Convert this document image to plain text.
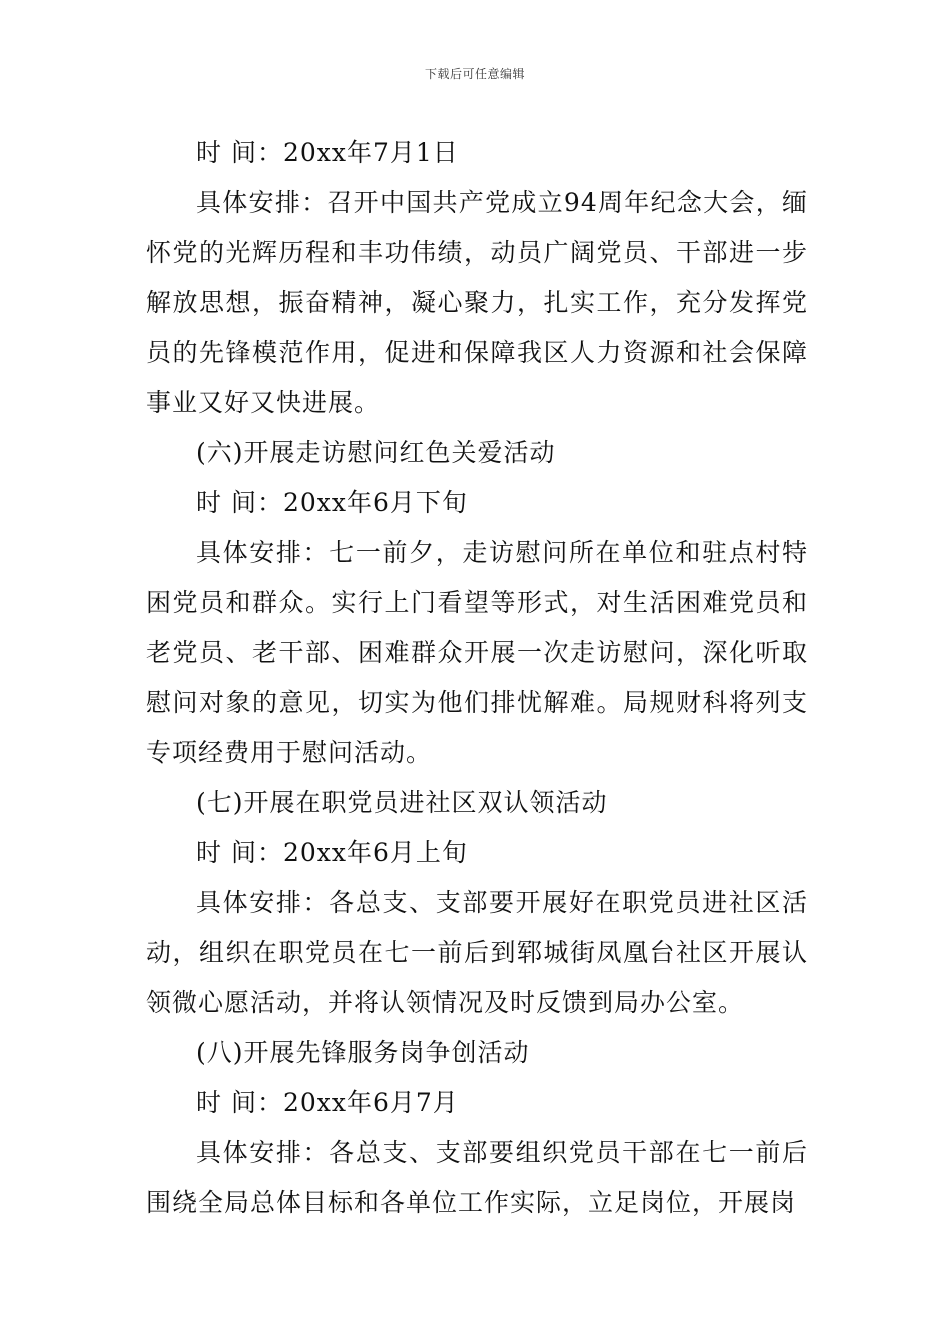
下载后可任意编辑

时 间：20xx年7月1日

具体安排：召开中国共产党成立94周年纪念大会，缅怀党的光辉历程和丰功伟绩，动员广阔党员、干部进一步解放思想，振奋精神，凝心聚力，扎实工作，充分发挥党员的先锋模范作用，促进和保障我区人力资源和社会保障事业又好又快进展。

(六)开展走访慰问红色关爱活动

时 间：20xx年6月下旬

具体安排：七一前夕，走访慰问所在单位和驻点村特困党员和群众。实行上门看望等形式，对生活困难党员和老党员、老干部、困难群众开展一次走访慰问，深化听取慰问对象的意见，切实为他们排忧解难。局规财科将列支专项经费用于慰问活动。

(七)开展在职党员进社区双认领活动

时 间：20xx年6月上旬

具体安排：各总支、支部要开展好在职党员进社区活动，组织在职党员在七一前后到郓城街凤凰台社区开展认领微心愿活动，并将认领情况及时反馈到局办公室。

(八)开展先锋服务岗争创活动

时 间：20xx年6月7月

具体安排：各总支、支部要组织党员干部在七一前后围绕全局总体目标和各单位工作实际，立足岗位，开展岗
